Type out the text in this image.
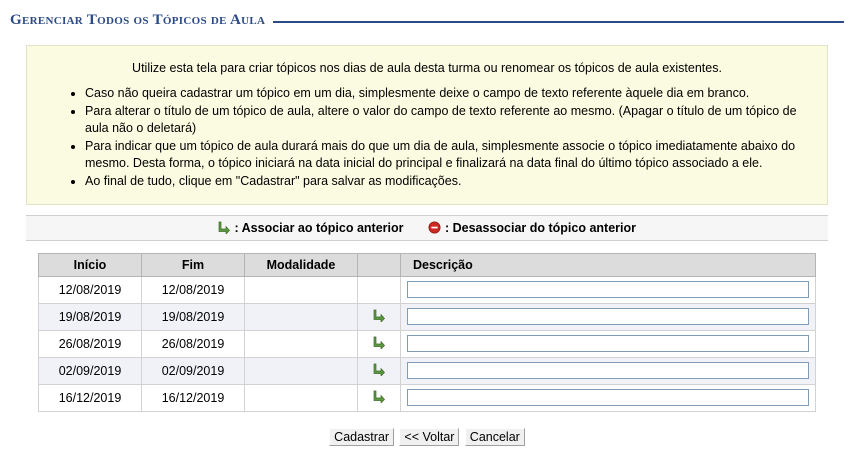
Gerenciar Todos os Tópicos de Aula
Utilize esta tela para criar tópicos nos dias de aula desta turma ou renomear os tópicos de aula existentes.
• Caso não queira cadastrar um tópico em um dia, simplesmente deixe o campo de texto referente àquele dia em branco.
• Para alterar o título de um tópico de aula, altere o valor do campo de texto referente ao mesmo. (Apagar o título de um tópico de aula não o deletará)
• Para indicar que um tópico de aula durará mais do que um dia de aula, simplesmente associe o tópico imediatamente abaixo do mesmo. Desta forma, o tópico iniciará na data inicial do principal e finalizará na data final do último tópico associado a ele.
• Ao final de tudo, clique em "Cadastrar" para salvar as modificações.
: Associar ao tópico anterior	: Desassociar do tópico anterior
Início	Fim	Modalidade		Descrição
12/08/2019	12/08/2019			
19/08/2019	19/08/2019			
26/08/2019	26/08/2019			
02/09/2019	02/09/2019			
16/12/2019	16/12/2019			
Cadastrar << Voltar Cancelar
